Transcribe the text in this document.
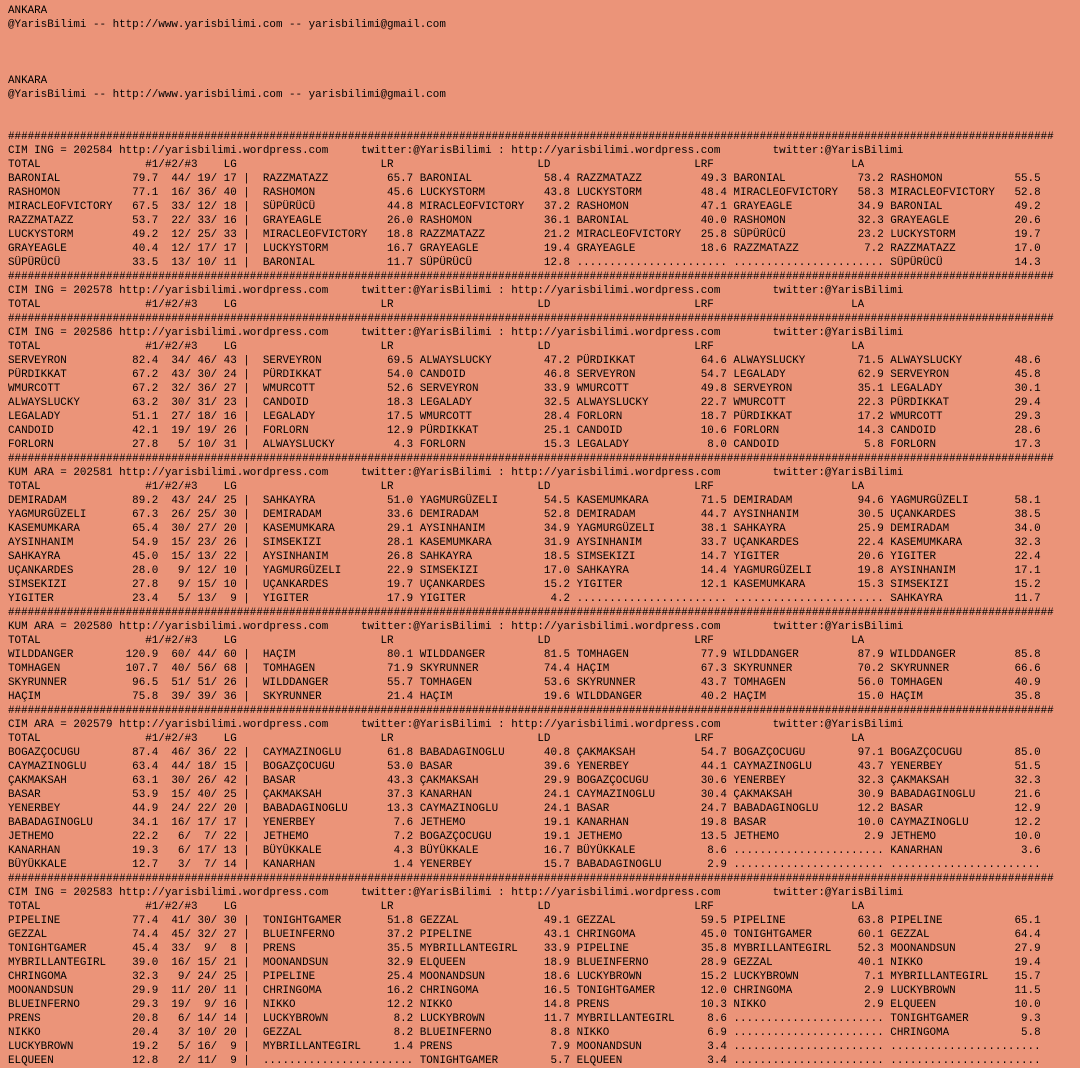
ANKARA
@YarisBilimi -- http://www.yarisbilimi.com -- yarisbilimi@gmail.com
ANKARA
@YarisBilimi -- http://www.yarisbilimi.com -- yarisbilimi@gmail.com
################################################################################################################################################################
CIM ING = 202584 http://yarisbilimi.wordpress.com     twitter:@YarisBilimi : http://yarisbilimi.wordpress.com        twitter:@YarisBilimi
TOTAL                #1/#2/#3    LG                      LR                      LD                      LRF                     LA
BARONIAL           79.7  44/ 19/ 17 |  RAZZMATAZZ         65.7 BARONIAL           58.4 RAZZMATAZZ         49.3 BARONIAL           73.2 RASHOMON           55.5
RASHOMON           77.1  16/ 36/ 40 |  RASHOMON           45.6 LUCKYSTORM         43.8 LUCKYSTORM         48.4 MIRACLEOFVICTORY   58.3 MIRACLEOFVICTORY   52.8
MIRACLEOFVICTORY   67.5  33/ 12/ 18 |  SÜPÜRÜCÜ           44.8 MIRACLEOFVICTORY   37.2 RASHOMON           47.1 GRAYEAGLE          34.9 BARONIAL           49.2
RAZZMATAZZ         53.7  22/ 33/ 16 |  GRAYEAGLE          26.0 RASHOMON           36.1 BARONIAL           40.0 RASHOMON           32.3 GRAYEAGLE          20.6
LUCKYSTORM         49.2  12/ 25/ 33 |  MIRACLEOFVICTORY   18.8 RAZZMATAZZ         21.2 MIRACLEOFVICTORY   25.8 SÜPÜRÜCÜ           23.2 LUCKYSTORM         19.7
GRAYEAGLE          40.4  12/ 17/ 17 |  LUCKYSTORM         16.7 GRAYEAGLE          19.4 GRAYEAGLE          18.6 RAZZMATAZZ          7.2 RAZZMATAZZ         17.0
SÜPÜRÜCÜ           33.5  13/ 10/ 11 |  BARONIAL           11.7 SÜPÜRÜCÜ           12.8 ....................... ....................... SÜPÜRÜCÜ           14.3
################################################################################################################################################################
CIM ING = 202578 http://yarisbilimi.wordpress.com     twitter:@YarisBilimi : http://yarisbilimi.wordpress.com        twitter:@YarisBilimi
TOTAL                #1/#2/#3    LG                      LR                      LD                      LRF                     LA
################################################################################################################################################################
CIM ING = 202586 http://yarisbilimi.wordpress.com     twitter:@YarisBilimi : http://yarisbilimi.wordpress.com        twitter:@YarisBilimi
TOTAL                #1/#2/#3    LG                      LR                      LD                      LRF                     LA
SERVEYRON          82.4  34/ 46/ 43 |  SERVEYRON          69.5 ALWAYSLUCKY        47.2 PÜRDIKKAT          64.6 ALWAYSLUCKY        71.5 ALWAYSLUCKY        48.6
PÜRDIKKAT          67.2  43/ 30/ 24 |  PÜRDIKKAT          54.0 CANDOID            46.8 SERVEYRON          54.7 LEGALADY           62.9 SERVEYRON          45.8
WMURCOTT           67.2  32/ 36/ 27 |  WMURCOTT           52.6 SERVEYRON          33.9 WMURCOTT           49.8 SERVEYRON          35.1 LEGALADY           30.1
ALWAYSLUCKY        63.2  30/ 31/ 23 |  CANDOID            18.3 LEGALADY           32.5 ALWAYSLUCKY        22.7 WMURCOTT           22.3 PÜRDIKKAT          29.4
LEGALADY           51.1  27/ 18/ 16 |  LEGALADY           17.5 WMURCOTT           28.4 FORLORN            18.7 PÜRDIKKAT          17.2 WMURCOTT           29.3
CANDOID            42.1  19/ 19/ 26 |  FORLORN            12.9 PÜRDIKKAT          25.1 CANDOID            10.6 FORLORN            14.3 CANDOID            28.6
FORLORN            27.8   5/ 10/ 31 |  ALWAYSLUCKY         4.3 FORLORN            15.3 LEGALADY            8.0 CANDOID             5.8 FORLORN            17.3
################################################################################################################################################################
KUM ARA = 202581 http://yarisbilimi.wordpress.com     twitter:@YarisBilimi : http://yarisbilimi.wordpress.com        twitter:@YarisBilimi
TOTAL                #1/#2/#3    LG                      LR                      LD                      LRF                     LA
DEMIRADAM          89.2  43/ 24/ 25 |  SAHKAYRA           51.0 YAGMURGÜZELI       54.5 KASEMUMKARA        71.5 DEMIRADAM          94.6 YAGMURGÜZELI       58.1
YAGMURGÜZELI       67.3  26/ 25/ 30 |  DEMIRADAM          33.6 DEMIRADAM          52.8 DEMIRADAM          44.7 AYSINHANIM         30.5 UÇANKARDES         38.5
KASEMUMKARA        65.4  30/ 27/ 20 |  KASEMUMKARA        29.1 AYSINHANIM         34.9 YAGMURGÜZELI       38.1 SAHKAYRA           25.9 DEMIRADAM          34.0
AYSINHANIM         54.9  15/ 23/ 26 |  SIMSEKIZI          28.1 KASEMUMKARA        31.9 AYSINHANIM         33.7 UÇANKARDES         22.4 KASEMUMKARA        32.3
SAHKAYRA           45.0  15/ 13/ 22 |  AYSINHANIM         26.8 SAHKAYRA           18.5 SIMSEKIZI          14.7 YIGITER            20.6 YIGITER            22.4
UÇANKARDES         28.0   9/ 12/ 10 |  YAGMURGÜZELI       22.9 SIMSEKIZI          17.0 SAHKAYRA           14.4 YAGMURGÜZELI       19.8 AYSINHANIM         17.1
SIMSEKIZI          27.8   9/ 15/ 10 |  UÇANKARDES         19.7 UÇANKARDES         15.2 YIGITER            12.1 KASEMUMKARA        15.3 SIMSEKIZI          15.2
YIGITER            23.4   5/ 13/  9 |  YIGITER            17.9 YIGITER             4.2 ....................... ....................... SAHKAYRA           11.7
################################################################################################################################################################
KUM ARA = 202580 http://yarisbilimi.wordpress.com     twitter:@YarisBilimi : http://yarisbilimi.wordpress.com        twitter:@YarisBilimi
TOTAL                #1/#2/#3    LG                      LR                      LD                      LRF                     LA
WILDDANGER        120.9  60/ 44/ 60 |  HAÇIM              80.1 WILDDANGER         81.5 TOMHAGEN           77.9 WILDDANGER         87.9 WILDDANGER         85.8
TOMHAGEN          107.7  40/ 56/ 68 |  TOMHAGEN           71.9 SKYRUNNER          74.4 HAÇIM              67.3 SKYRUNNER          70.2 SKYRUNNER          66.6
SKYRUNNER          96.5  51/ 51/ 26 |  WILDDANGER         55.7 TOMHAGEN           53.6 SKYRUNNER          43.7 TOMHAGEN           56.0 TOMHAGEN           40.9
HAÇIM              75.8  39/ 39/ 36 |  SKYRUNNER          21.4 HAÇIM              19.6 WILDDANGER         40.2 HAÇIM              15.0 HAÇIM              35.8
################################################################################################################################################################
CIM ARA = 202579 http://yarisbilimi.wordpress.com     twitter:@YarisBilimi : http://yarisbilimi.wordpress.com        twitter:@YarisBilimi
TOTAL                #1/#2/#3    LG                      LR                      LD                      LRF                     LA
BOGAZÇOCUGU        87.4  46/ 36/ 22 |  CAYMAZINOGLU       61.8 BABADAGINOGLU      40.8 ÇAKMAKSAH          54.7 BOGAZÇOCUGU        97.1 BOGAZÇOCUGU        85.0
CAYMAZINOGLU       63.4  44/ 18/ 15 |  BOGAZÇOCUGU        53.0 BASAR              39.6 YENERBEY           44.1 CAYMAZINOGLU       43.7 YENERBEY           51.5
ÇAKMAKSAH          63.1  30/ 26/ 42 |  BASAR              43.3 ÇAKMAKSAH          29.9 BOGAZÇOCUGU        30.6 YENERBEY           32.3 ÇAKMAKSAH          32.3
BASAR              53.9  15/ 40/ 25 |  ÇAKMAKSAH          37.3 KANARHAN           24.1 CAYMAZINOGLU       30.4 ÇAKMAKSAH          30.9 BABADAGINOGLU      21.6
YENERBEY           44.9  24/ 22/ 20 |  BABADAGINOGLU      13.3 CAYMAZINOGLU       24.1 BASAR              24.7 BABADAGINOGLU      12.2 BASAR              12.9
BABADAGINOGLU      34.1  16/ 17/ 17 |  YENERBEY            7.6 JETHEMO            19.1 KANARHAN           19.8 BASAR              10.0 CAYMAZINOGLU       12.2
JETHEMO            22.2   6/  7/ 22 |  JETHEMO             7.2 BOGAZÇOCUGU        19.1 JETHEMO            13.5 JETHEMO             2.9 JETHEMO            10.0
KANARHAN           19.3   6/ 17/ 13 |  BÜYÜKKALE           4.3 BÜYÜKKALE          16.7 BÜYÜKKALE           8.6 ....................... KANARHAN            3.6
BÜYÜKKALE          12.7   3/  7/ 14 |  KANARHAN            1.4 YENERBEY           15.7 BABADAGINOGLU       2.9 ....................... .......................
################################################################################################################################################################
CIM ING = 202583 http://yarisbilimi.wordpress.com     twitter:@YarisBilimi : http://yarisbilimi.wordpress.com        twitter:@YarisBilimi
TOTAL                #1/#2/#3    LG                      LR                      LD                      LRF                     LA
PIPELINE           77.4  41/ 30/ 30 |  TONIGHTGAMER       51.8 GEZZAL             49.1 GEZZAL             59.5 PIPELINE           63.8 PIPELINE           65.1
GEZZAL             74.4  45/ 32/ 27 |  BLUEINFERNO        37.2 PIPELINE           43.1 CHRINGOMA          45.0 TONIGHTGAMER       60.1 GEZZAL             64.4
TONIGHTGAMER       45.4  33/  9/  8 |  PRENS              35.5 MYBRILLANTEGIRL    33.9 PIPELINE           35.8 MYBRILLANTEGIRL    52.3 MOONANDSUN         27.9
MYBRILLANTEGIRL    39.0  16/ 15/ 21 |  MOONANDSUN         32.9 ELQUEEN            18.9 BLUEINFERNO        28.9 GEZZAL             40.1 NIKKO              19.4
CHRINGOMA          32.3   9/ 24/ 25 |  PIPELINE           25.4 MOONANDSUN         18.6 LUCKYBROWN         15.2 LUCKYBROWN          7.1 MYBRILLANTEGIRL    15.7
MOONANDSUN         29.9  11/ 20/ 11 |  CHRINGOMA          16.2 CHRINGOMA          16.5 TONIGHTGAMER       12.0 CHRINGOMA           2.9 LUCKYBROWN         11.5
BLUEINFERNO        29.3  19/  9/ 16 |  NIKKO              12.2 NIKKO              14.8 PRENS              10.3 NIKKO               2.9 ELQUEEN            10.0
PRENS              20.8   6/ 14/ 14 |  LUCKYBROWN          8.2 LUCKYBROWN         11.7 MYBRILLANTEGIRL     8.6 ....................... TONIGHTGAMER        9.3
NIKKO              20.4   3/ 10/ 20 |  GEZZAL              8.2 BLUEINFERNO         8.8 NIKKO               6.9 ....................... CHRINGOMA           5.8
LUCKYBROWN         19.2   5/ 16/  9 |  MYBRILLANTEGIRL     1.4 PRENS               7.9 MOONANDSUN          3.4 ....................... .......................
ELQUEEN            12.8   2/ 11/  9 |  ....................... TONIGHTGAMER        5.7 ELQUEEN             3.4 ....................... .......................
